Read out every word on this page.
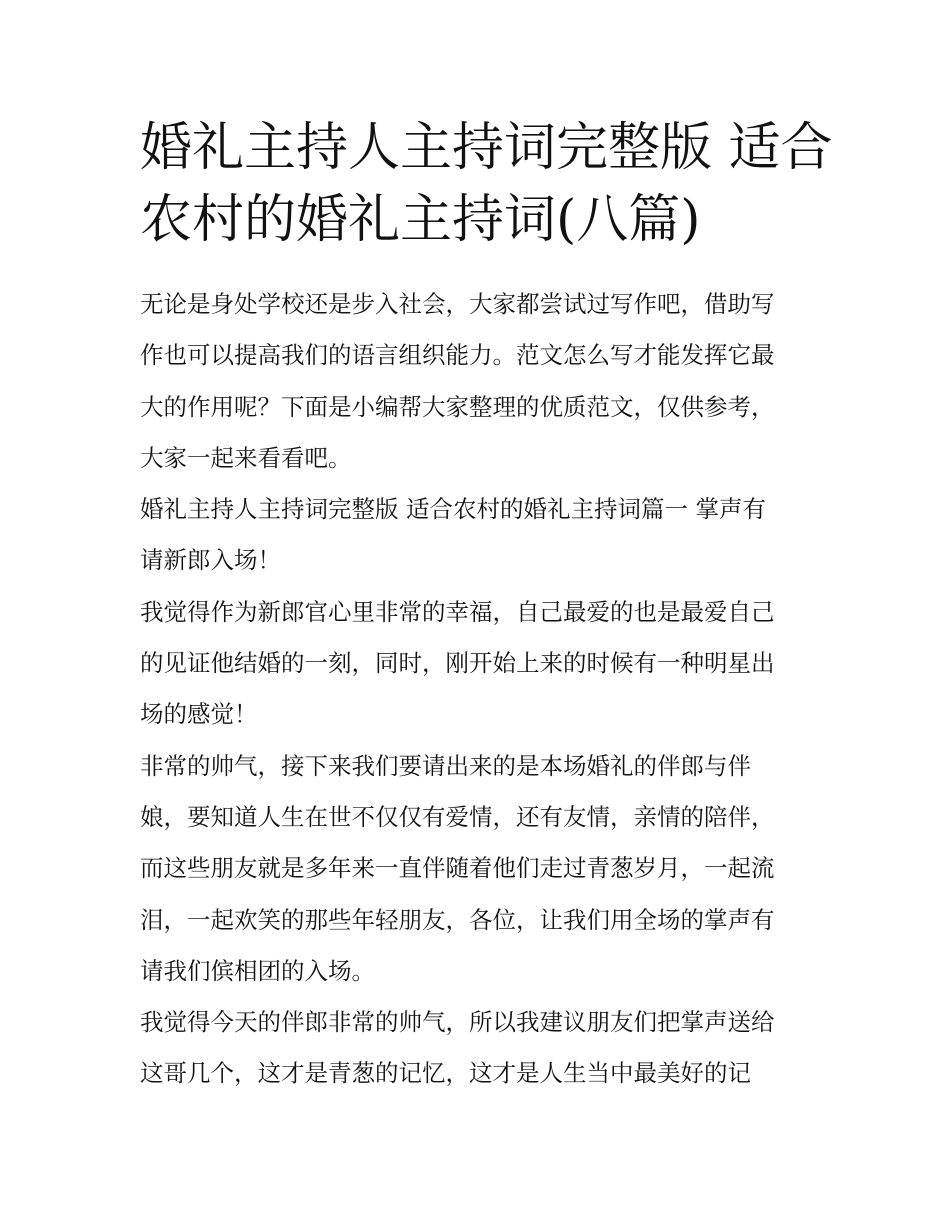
婚礼主持人主持词完整版 适合
农村的婚礼主持词(八篇)

无论是身处学校还是步入社会，大家都尝试过写作吧，借助写
作也可以提高我们的语言组织能力。范文怎么写才能发挥它最
大的作用呢？下面是小编帮大家整理的优质范文，仅供参考，
大家一起来看看吧。

婚礼主持人主持词完整版 适合农村的婚礼主持词篇一 掌声有
请新郎入场！

我觉得作为新郎官心里非常的幸福，自己最爱的也是最爱自己
的见证他结婚的一刻，同时，刚开始上来的时候有一种明星出
场的感觉！

非常的帅气，接下来我们要请出来的是本场婚礼的伴郎与伴
娘，要知道人生在世不仅仅有爱情，还有友情，亲情的陪伴，
而这些朋友就是多年来一直伴随着他们走过青葱岁月，一起流
泪，一起欢笑的那些年轻朋友，各位，让我们用全场的掌声有
请我们傧相团的入场。

我觉得今天的伴郎非常的帅气，所以我建议朋友们把掌声送给
这哥几个，这才是青葱的记忆，这才是人生当中最美好的记
